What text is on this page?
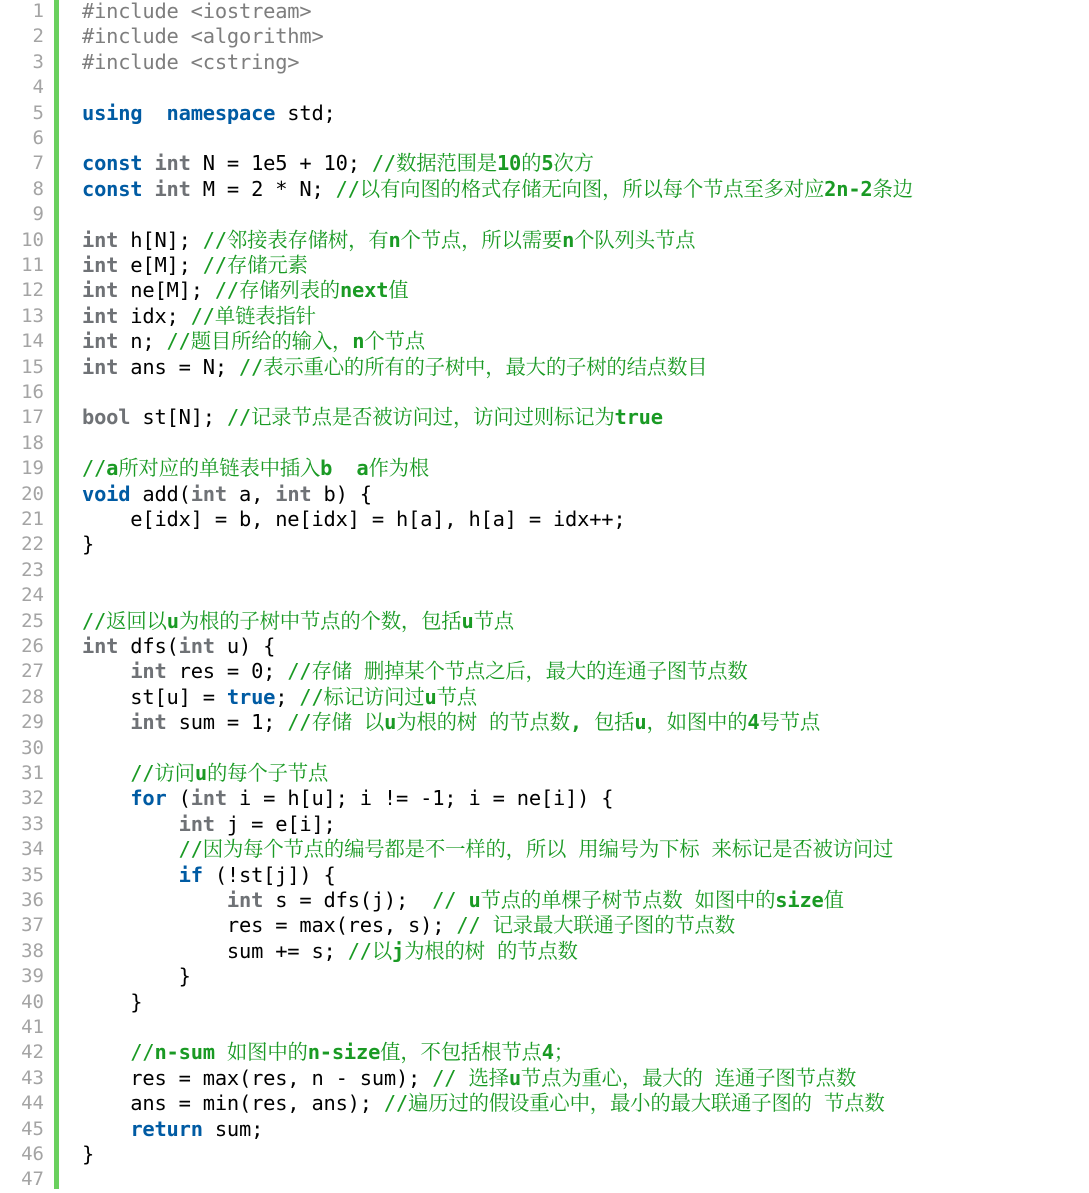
1
2
3
4
5
6
7
8
9
10
11
12
13
14
15
16
17
18
19
20
21
22
23
24
25
26
27
28
29
30
31
32
33
34
35
36
37
38
39
40
41
42
43
44
45
46
47
#include <iostream>
#include <algorithm>
#include <cstring>
using namespace std;
const int N = 1e5 + 10; //数据范围是10的5次方
const int M = 2 * N; //以有向图的格式存储无向图，所以每个节点至多对应2n-2条边
int h[N]; //邻接表存储树，有n个节点，所以需要n个队列头节点
int e[M]; //存储元素
int ne[M]; //存储列表的next值
int idx; //单链表指针
int n; //题目所给的输入，n个节点
int ans = N; //表示重心的所有的子树中，最大的子树的结点数目
bool st[N]; //记录节点是否被访问过，访问过则标记为true
//a所对应的单链表中插入b a作为根
void add(int a, int b) {
e[idx] = b, ne[idx] = h[a], h[a] = idx++;
}
//返回以u为根的子树中节点的个数，包括u节点
int dfs(int u) {
int res = 0; //存储 删掉某个节点之后，最大的连通子图节点数
st[u] = true; //标记访问过u节点
int sum = 1; //存储 以u为根的树 的节点数, 包括u，如图中的4号节点
//访问u的每个子节点
for (int i = h[u]; i != -1; i = ne[i]) {
int j = e[i];
//因为每个节点的编号都是不一样的，所以 用编号为下标 来标记是否被访问过
if (!st[j]) {
int s = dfs(j);  // u节点的单棵子树节点数 如图中的size值
res = max(res, s); // 记录最大联通子图的节点数
sum += s; //以j为根的树 的节点数
}
}
//n-sum 如图中的n-size值，不包括根节点4；
res = max(res, n - sum); // 选择u节点为重心，最大的 连通子图节点数
ans = min(res, ans); //遍历过的假设重心中，最小的最大联通子图的 节点数
return sum;
}
